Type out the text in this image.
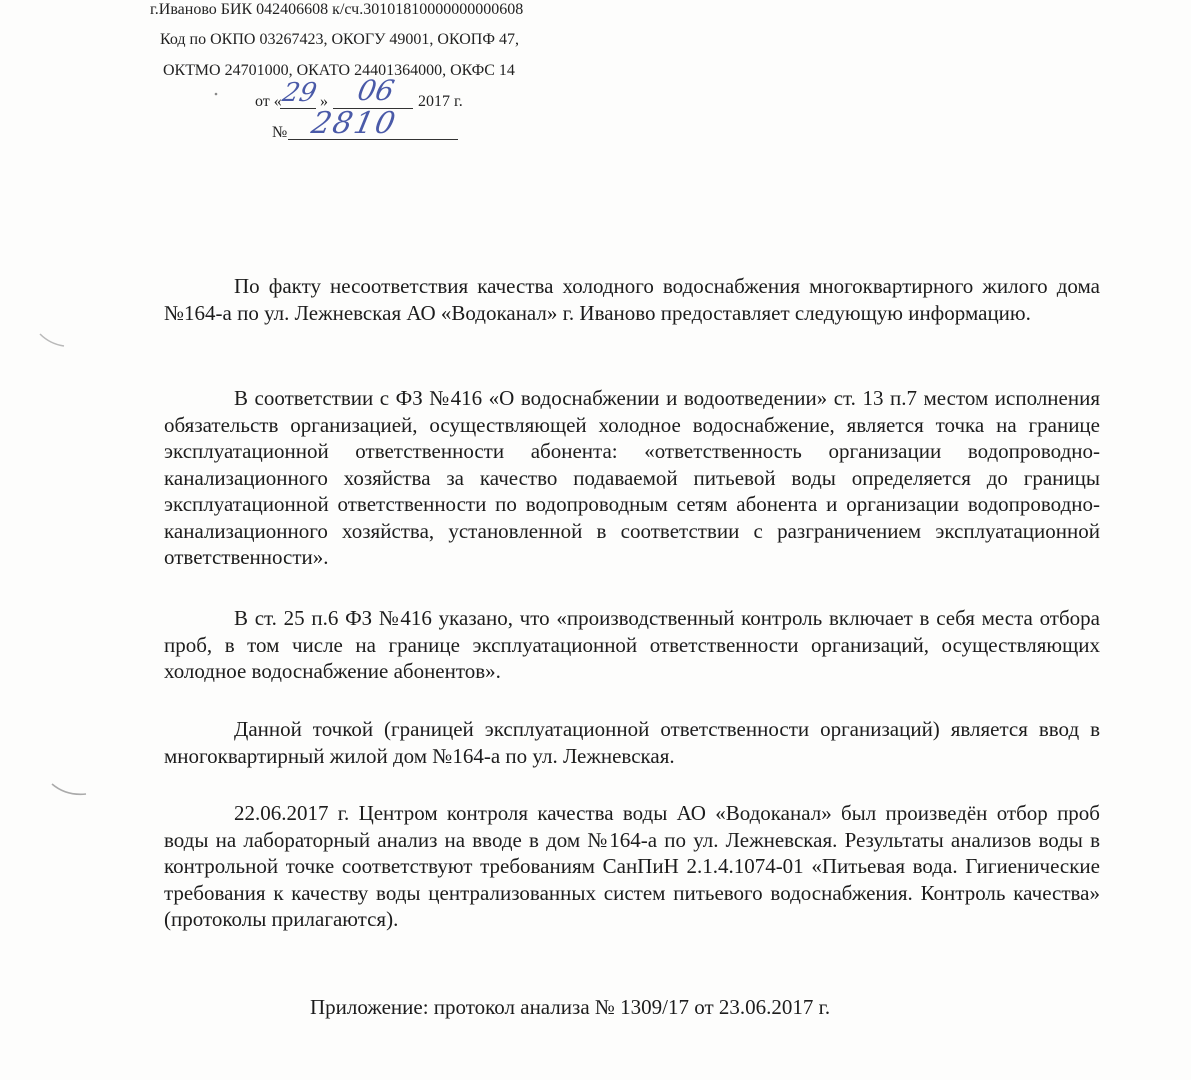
г.Иваново БИК 042406608 к/сч.30101810000000000608
Код по ОКПО 03267423, ОКОГУ 49001, ОКОПФ 47,
ОКТМО 24701000, ОКАТО 24401364000, ОКФС 14
от «
29 » 06 2017 г.
№ 2810

По факту несоответствия качества холодного водоснабжения многоквартирного жилого дома №164-а по ул. Лежневская АО «Водоканал» г. Иваново предоставляет следующую информацию.

В соответствии с ФЗ №416 «О водоснабжении и водоотведении» ст. 13 п.7 местом исполнения обязательств организацией, осуществляющей холодное водоснабжение, является точка на границе эксплуатационной ответственности абонента: «ответственность организации водопроводно-канализационного хозяйства за качество подаваемой питьевой воды определяется до границы эксплуатационной ответственности по водопроводным сетям абонента и организации водопроводно-канализационного хозяйства, установленной в соответствии с разграничением эксплуатационной ответственности».

В ст. 25 п.6 ФЗ №416 указано, что «производственный контроль включает в себя места отбора проб, в том числе на границе эксплуатационной ответственности организаций, осуществляющих холодное водоснабжение абонентов».

Данной точкой (границей эксплуатационной ответственности организаций) является ввод в многоквартирный жилой дом №164-а по ул. Лежневская.

22.06.2017 г. Центром контроля качества воды АО «Водоканал» был произведён отбор проб воды на лабораторный анализ на вводе в дом №164-а по ул. Лежневская. Результаты анализов воды в контрольной точке соответствуют требованиям СанПиН 2.1.4.1074-01 «Питьевая вода. Гигиенические требования к качеству воды централизованных систем питьевого водоснабжения. Контроль качества» (протоколы прилагаются).

Приложение: протокол анализа № 1309/17 от 23.06.2017 г.
